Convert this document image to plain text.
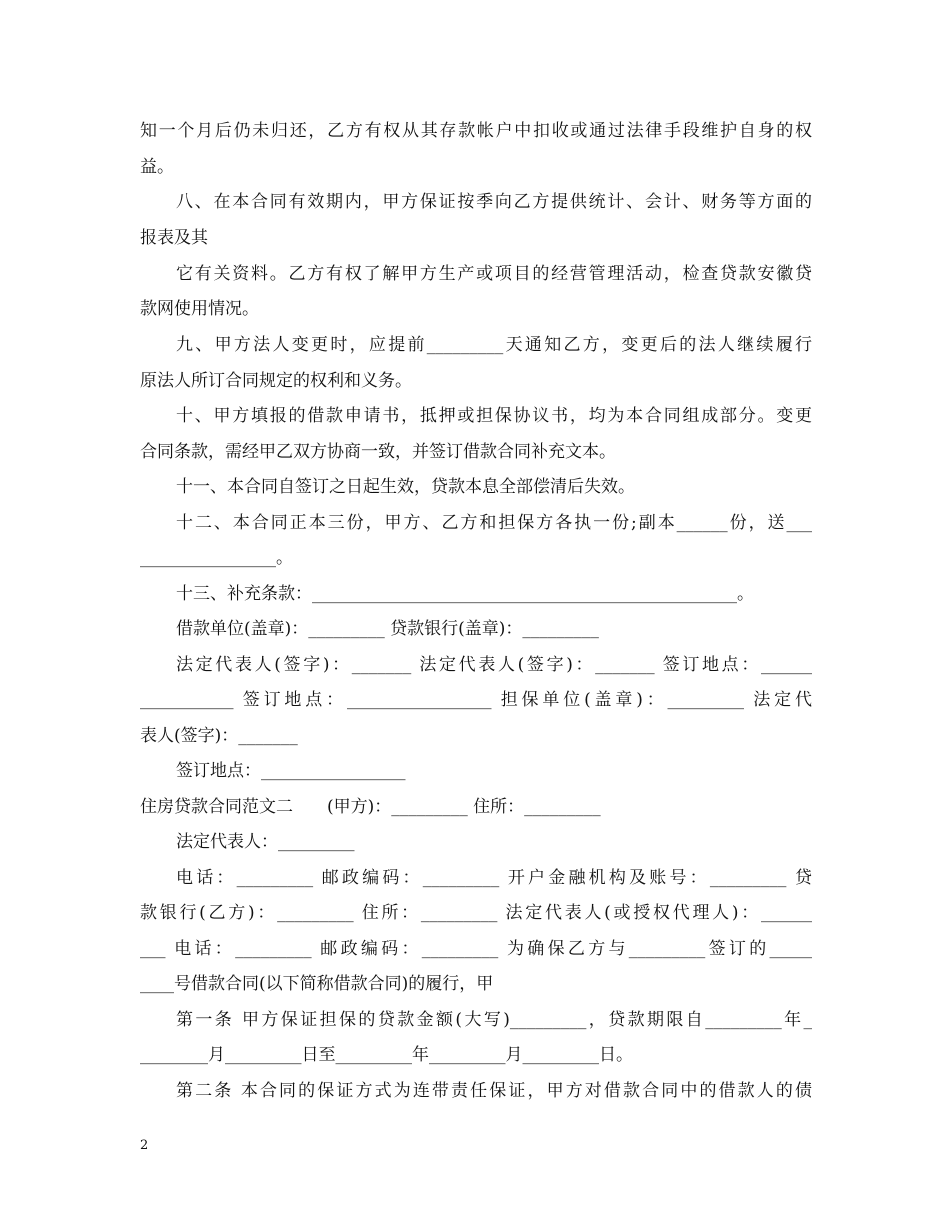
知一个月后仍未归还，乙方有权从其存款帐户中扣收或通过法律手段维护自身的权
益。
八、在本合同有效期内，甲方保证按季向乙方提供统计、会计、财务等方面的
报表及其
它有关资料。乙方有权了解甲方生产或项目的经营管理活动，检查贷款安徽贷
款网使用情况。
九、甲方法人变更时，应提前_________天通知乙方，变更后的法人继续履行
原法人所订合同规定的权利和义务。
十、甲方填报的借款申请书，抵押或担保协议书，均为本合同组成部分。变更
合同条款，需经甲乙双方协商一致，并签订借款合同补充文本。
十一、本合同自签订之日起生效，贷款本息全部偿清后失效。
十二、本合同正本三份，甲方、乙方和担保方各执一份;副本______份，送___
________________。
十三、补充条款：__________________________________________________。
借款单位(盖章)：_________ 贷款银行(盖章)：_________
法定代表人(签字)：_______ 法定代表人(签字)：_______ 签订地点：______
___________ 签订地点：_________________ 担保单位(盖章)：_________ 法定代
表人(签字)：_______
签订地点：_________________
住房贷款合同范文二　　(甲方)：_________ 住所：_________
法定代表人：_________
电话：_________ 邮政编码：_________ 开户金融机构及账号：_________ 贷
款银行(乙方)：_________ 住所：_________ 法定代表人(或授权代理人)：______
___ 电话：_________ 邮政编码：_________ 为确保乙方与_________签订的_____
____号借款合同(以下简称借款合同)的履行，甲
第一条 甲方保证担保的贷款金额(大写)_________，贷款期限自_________年_
________月_________日至_________年_________月_________日。
第二条 本合同的保证方式为连带责任保证，甲方对借款合同中的借款人的债
2
